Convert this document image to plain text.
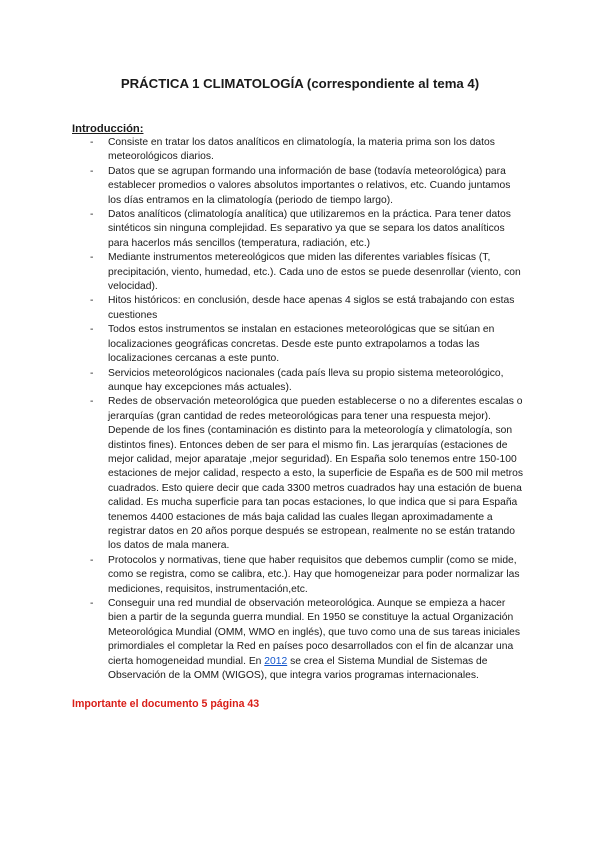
PRÁCTICA 1 CLIMATOLOGÍA (correspondiente al tema 4)
Introducción:
- Consiste en tratar los datos analíticos en climatología, la materia prima son los datos meteorológicos diarios.
- Datos que se agrupan formando una información de base (todavía meteorológica) para establecer promedios o valores absolutos importantes o relativos, etc. Cuando juntamos los días entramos en la climatología (periodo de tiempo largo).
- Datos analíticos (climatología analítica) que utilizaremos en la práctica. Para tener datos sintéticos sin ninguna complejidad. Es separativo ya que se separa los datos analíticos para hacerlos más sencillos (temperatura, radiación, etc.)
- Mediante instrumentos metereológicos que miden las diferentes variables físicas (T, precipitación, viento, humedad, etc.). Cada uno de estos se puede desenrollar (viento, con velocidad).
- Hitos históricos: en conclusión, desde hace apenas 4 siglos se está trabajando con estas cuestiones
- Todos estos instrumentos se instalan en estaciones meteorológicas que se sitúan en localizaciones geográficas concretas. Desde este punto extrapolamos a todas las localizaciones cercanas a este punto.
- Servicios meteorológicos nacionales (cada país lleva su propio sistema meteorológico, aunque hay excepciones más actuales).
- Redes de observación meteorológica que pueden establecerse o no a diferentes escalas o jerarquías (gran cantidad de redes meteorológicas para tener una respuesta mejor). Depende de los fines (contaminación es distinto para la meteorología y climatología, son distintos fines). Entonces deben de ser para el mismo fin. Las jerarquías (estaciones de mejor calidad, mejor aparataje ,mejor seguridad). En España solo tenemos entre 150-100 estaciones de mejor calidad, respecto a esto, la superficie de España es de 500 mil metros cuadrados. Esto quiere decir que cada 3300 metros cuadrados hay una estación de buena calidad. Es mucha superficie para tan pocas estaciones, lo que indica que si para España tenemos 4400 estaciones de más baja calidad las cuales llegan aproximadamente a registrar datos en 20 años porque después se estropean, realmente no se están tratando los datos de mala manera.
- Protocolos y normativas, tiene que haber requisitos que debemos cumplir (como se mide, como se registra, como se calibra, etc.). Hay que homogeneizar para poder normalizar las mediciones, requisitos, instrumentación,etc.
- Conseguir una red mundial de observación meteorológica. Aunque se empieza a hacer bien a partir de la segunda guerra mundial. En 1950 se constituye la actual Organización Meteorológica Mundial (OMM, WMO en inglés), que tuvo como una de sus tareas iniciales primordiales el completar la Red en países poco desarrollados con el fin de alcanzar una cierta homogeneidad mundial. En 2012 se crea el Sistema Mundial de Sistemas de Observación de la OMM (WIGOS), que integra varios programas internacionales.
Importante el documento 5 página 43
